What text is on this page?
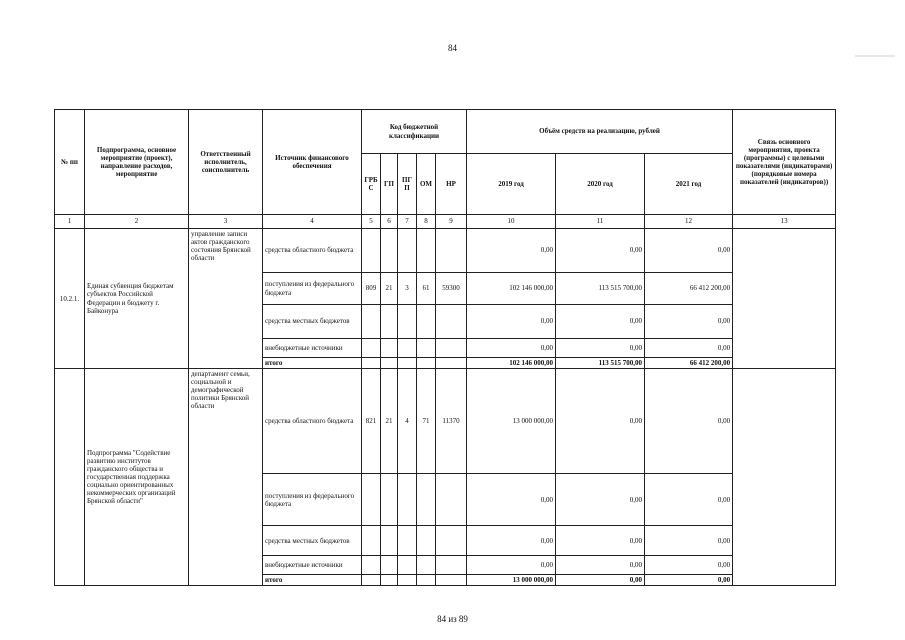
84
№ пп	Подпрограмма, основное мероприятие (проект), направление расходов, мероприятие	Ответственный исполнитель, соисполнитель	Источник финансового обеспечения	Код бюджетной классификации					Объём средств на реализацию, рублей			Связь основного мероприятия, проекта (программы) с целевыми показателями (индикаторами) (порядковые номера показателей (индикаторов))
				ГРБ С	ГП	ПГ П	ОМ	НР	2019 год	2020 год	2021 год	
1	2	3	4	5	6	7	8	9	10	11	12	13
10.2.1.	Единая субвенция бюджетам субъектов Российской Федерации и бюджету г. Байконура	управление записи актов гражданского состояния Брянской области	средства областного бюджета						0,00	0,00	0,00	
			поступления из федерального бюджета	809	21	3	61	59300	102 146 000,00	113 515 700,00	66 412 200,00	
			средства местных бюджетов						0,00	0,00	0,00	
			внебюджетные источники						0,00	0,00	0,00	
			итого						102 146 000,00	113 515 700,00	66 412 200,00	
	Подпрограмма "Содействие развитию институтов гражданского общества и государственная поддержка социально ориентированных некоммерческих организаций Брянской области"	департамент семьи, социальной и демографической политики Брянской области	средства областного бюджета	821	21	4	71	11370	13 000 000,00	0,00	0,00	
			поступления из федерального бюджета						0,00	0,00	0,00	
			средства местных бюджетов						0,00	0,00	0,00	
			внебюджетные источники						0,00	0,00	0,00	
			итого						13 000 000,00	0,00	0,00	
84 из 89
